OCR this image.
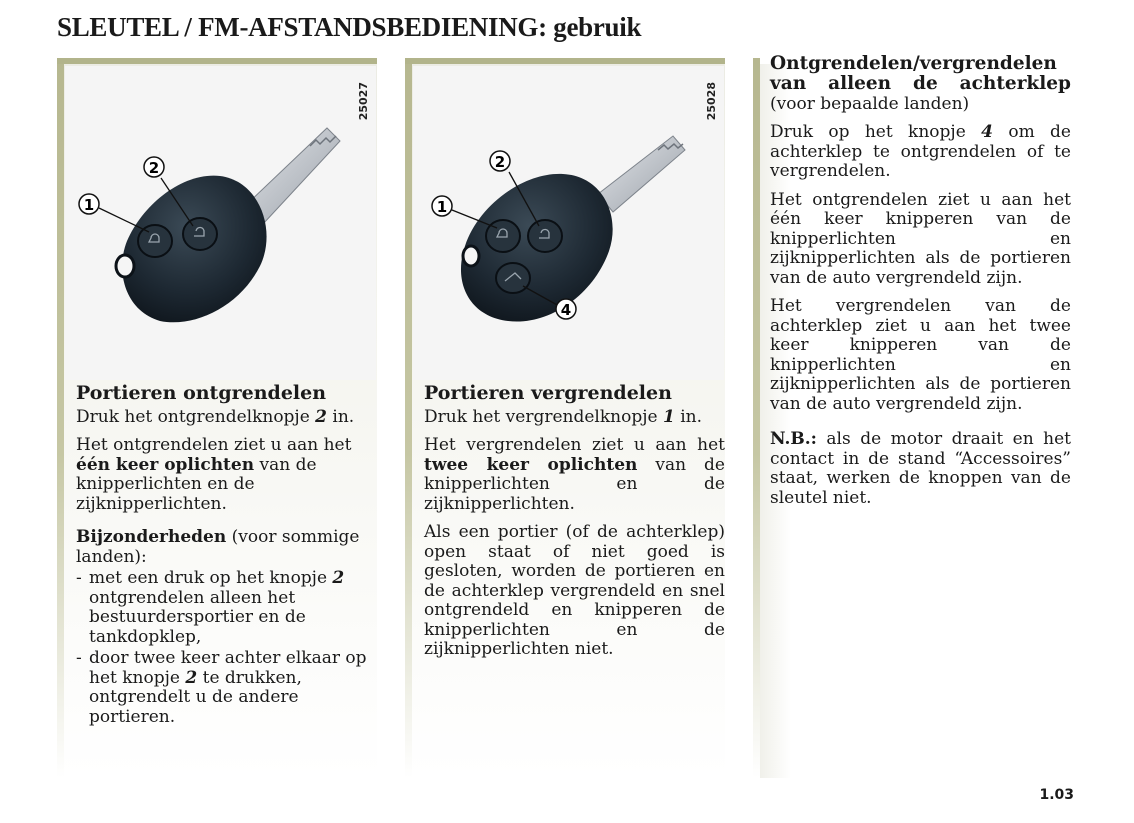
SLEUTEL / FM-AFSTANDSBEDIENING: gebruik
1
2
25027
Portieren ontgrendelen

Druk het ontgrendelknopje 2 in.

Het ontgrendelen ziet u aan het één keer oplichten van de knipperlichten en de zijknipperlichten.

Bijzonderheden (voor sommige landen):

- met een druk op het knopje 2 ontgrendelen alleen het bestuurdersportier en de tankdopklep,
- door twee keer achter elkaar op het knopje 2 te drukken, ontgrendelt u de andere portieren.
1
2
4
25028
Portieren vergrendelen

Druk het vergrendelknopje 1 in.

Het vergrendelen ziet u aan het twee keer oplichten van de knipperlichten en de zijknipperlichten.

Als een portier (of de achterklep) open staat of niet goed is gesloten, worden de portieren en de achterklep vergrendeld en snel ontgrendeld en knipperen de knipperlichten en de zijknipperlichten niet.

Ontgrendelen/vergrendelen van alleen de achterklep (voor bepaalde landen)

Druk op het knopje 4 om de achterklep te ontgrendelen of te vergrendelen.

Het ontgrendelen ziet u aan het één keer knipperen van de knipperlichten en zijknipperlichten als de portieren van de auto vergrendeld zijn.

Het vergrendelen van de achterklep ziet u aan het twee keer knipperen van de knipperlichten en zijknipperlichten als de portieren van de auto vergrendeld zijn.

N.B.: als de motor draait en het contact in de stand “Accessoires” staat, werken de knoppen van de sleutel niet.

1.03
